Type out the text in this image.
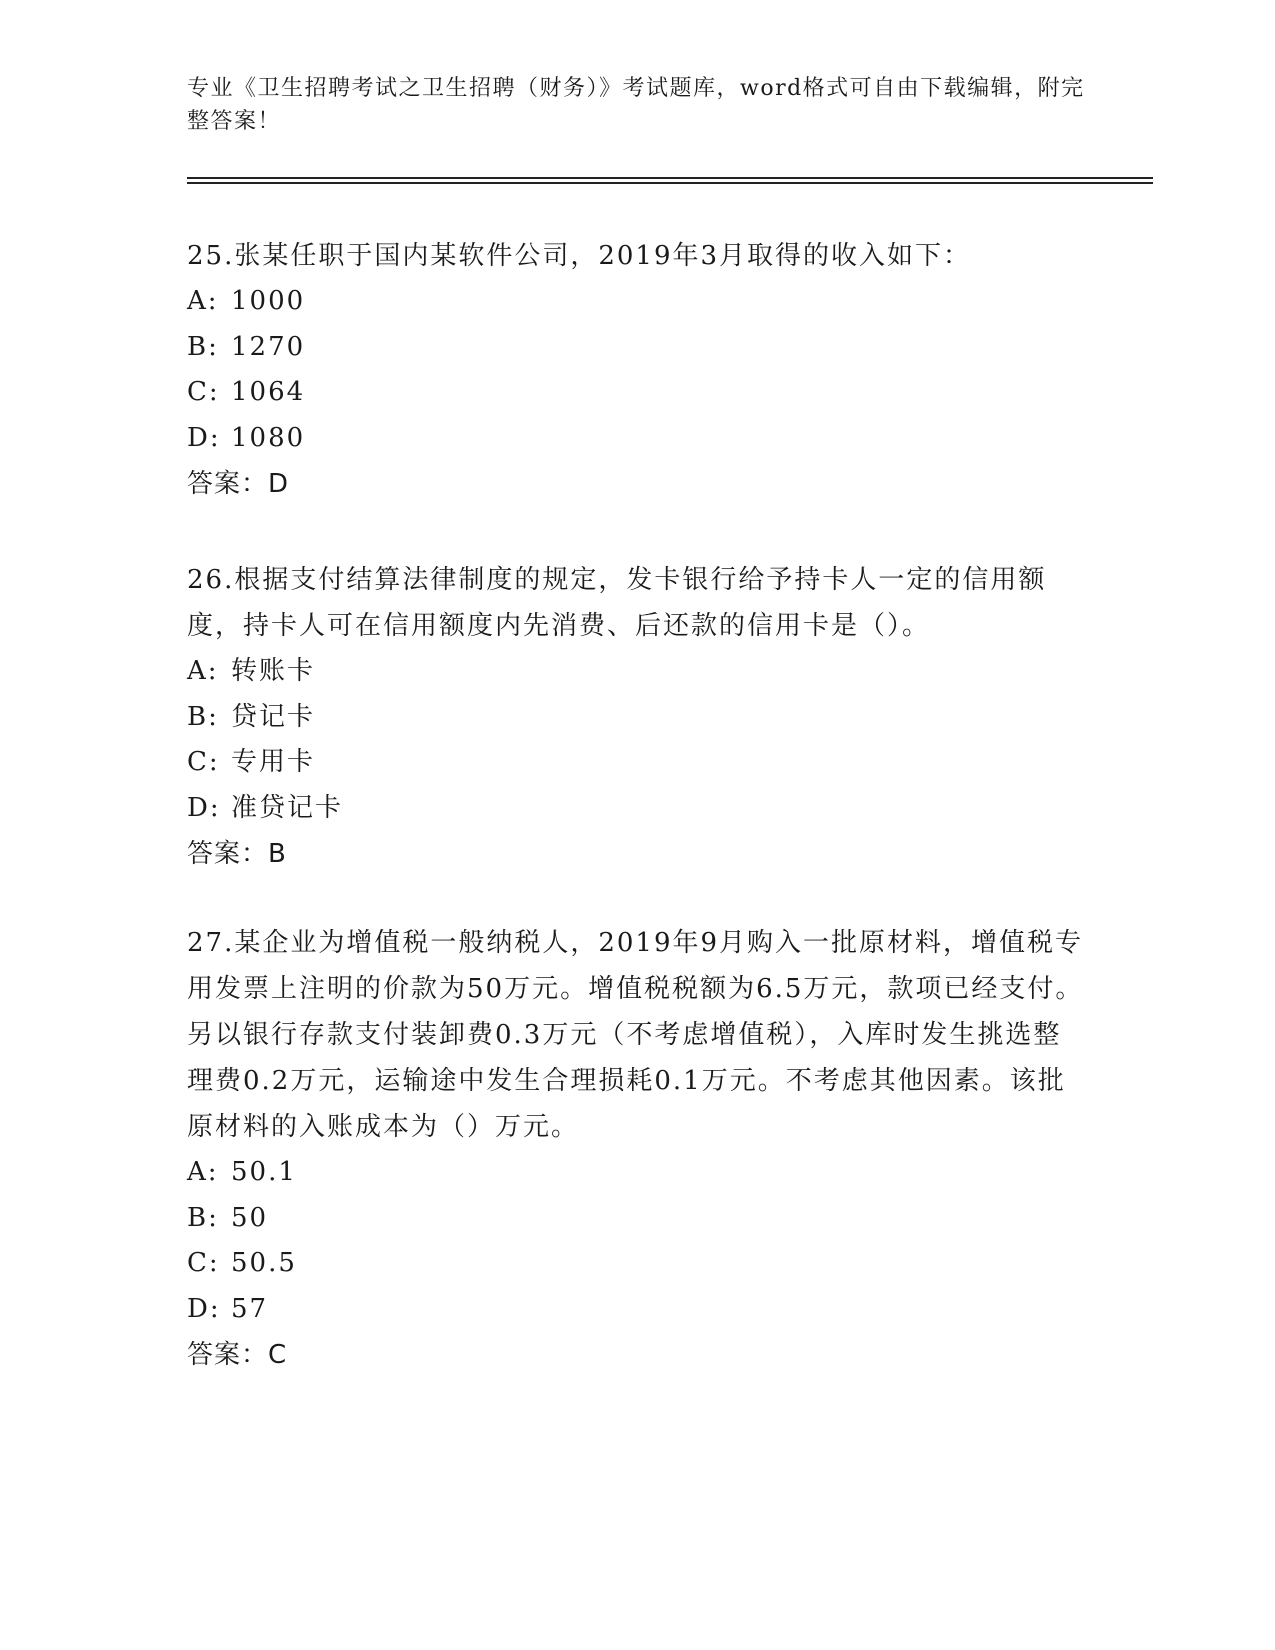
专业《卫生招聘考试之卫生招聘（财务）》考试题库，word格式可自由下载编辑，附完整答案！

25.张某任职于国内某软件公司，2019年3月取得的收入如下：

A: 1000

B: 1270

C: 1064

D: 1080

答案：D

26.根据支付结算法律制度的规定，发卡银行给予持卡人一定的信用额度，持卡人可在信用额度内先消费、后还款的信用卡是（）。

A: 转账卡

B: 贷记卡

C: 专用卡

D: 准贷记卡

答案：B

27.某企业为增值税一般纳税人，2019年9月购入一批原材料，增值税专用发票上注明的价款为50万元。增值税税额为6.5万元，款项已经支付。另以银行存款支付装卸费0.3万元（不考虑增值税），入库时发生挑选整理费0.2万元，运输途中发生合理损耗0.1万元。不考虑其他因素。该批原材料的入账成本为（）万元。

A: 50.1

B: 50

C: 50.5

D: 57

答案：C
